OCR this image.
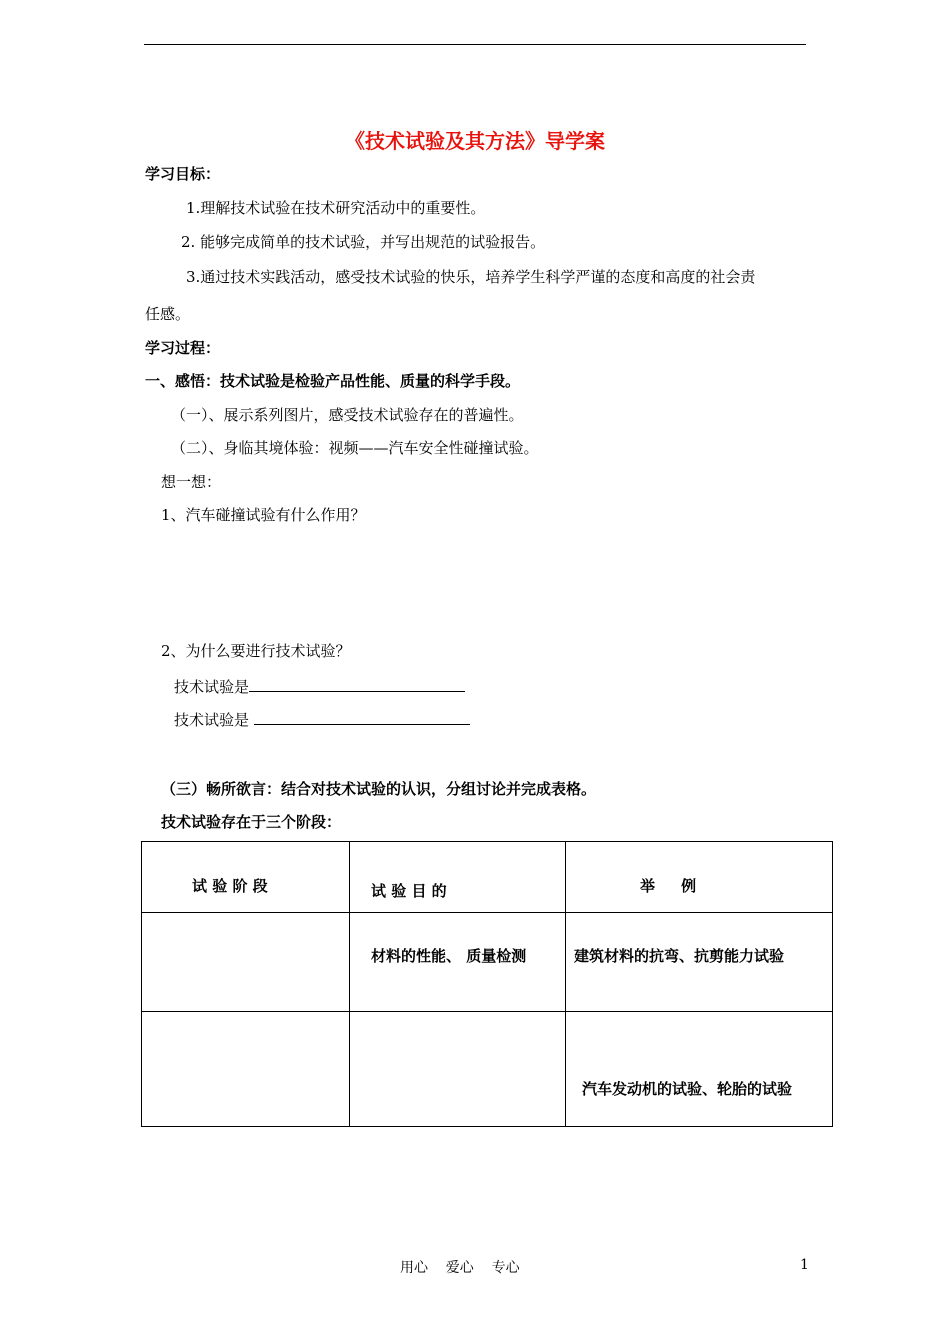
《技术试验及其方法》导学案
学习目标：
1.理解技术试验在技术研究活动中的重要性。
2. 能够完成简单的技术试验，并写出规范的试验报告。
3.通过技术实践活动，感受技术试验的快乐，培养学生科学严谨的态度和高度的社会责
任感。
学习过程：
一、感悟：技术试验是检验产品性能、质量的科学手段。
（一）、展示系列图片，感受技术试验存在的普遍性。
（二）、身临其境体验：视频——汽车安全性碰撞试验。
想一想：
1、汽车碰撞试验有什么作用？
2、为什么要进行技术试验？
技术试验是
技术试验是
（三）畅所欲言：结合对技术试验的认识，分组讨论并完成表格。
技术试验存在于三个阶段：
试 验 阶 段	试 验 目 的	举     例

	材料的性能、 质量检测	建筑材料的抗弯、抗剪能力试验

		汽车发动机的试验、轮胎的试验
用心    爱心    专心	1
